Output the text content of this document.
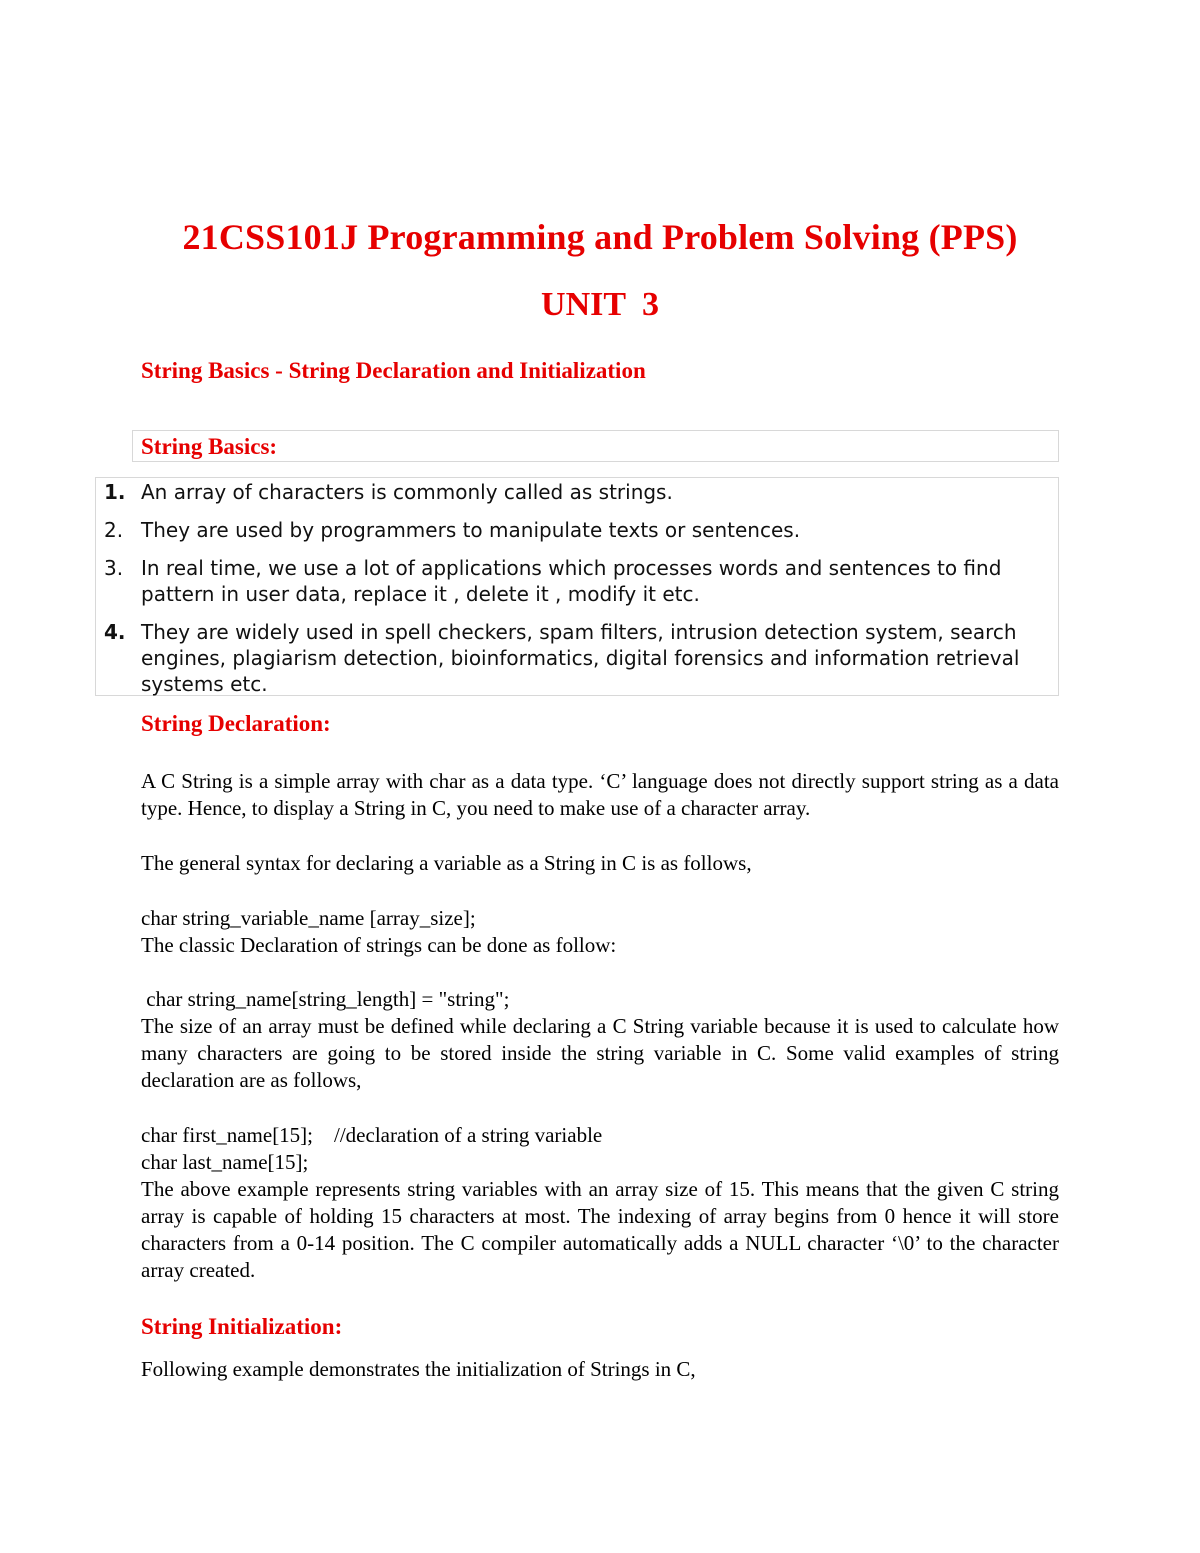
21CSS101J Programming and Problem Solving (PPS)
UNIT 3
String Basics - String Declaration and Initialization
String Basics:
1. An array of characters is commonly called as strings.
2. They are used by programmers to manipulate texts or sentences.
3. In real time, we use a lot of applications which processes words and sentences to find pattern in user data, replace it , delete it , modify it etc.
4. They are widely used in spell checkers, spam filters, intrusion detection system, search engines, plagiarism detection, bioinformatics, digital forensics and information retrieval systems etc.
String Declaration:
A C String is a simple array with char as a data type. ‘C’ language does not directly support string as a data type. Hence, to display a String in C, you need to make use of a character array.
The general syntax for declaring a variable as a String in C is as follows,
char string_variable_name [array_size];
The classic Declaration of strings can be done as follow:
char string_name[string_length] = "string";
The size of an array must be defined while declaring a C String variable because it is used to calculate how many characters are going to be stored inside the string variable in C. Some valid examples of string declaration are as follows,
char first_name[15];    //declaration of a string variable
char last_name[15];
The above example represents string variables with an array size of 15. This means that the given C string array is capable of holding 15 characters at most. The indexing of array begins from 0 hence it will store characters from a 0-14 position. The C compiler automatically adds a NULL character ‘\0’ to the character array created.
String Initialization:
Following example demonstrates the initialization of Strings in C,
